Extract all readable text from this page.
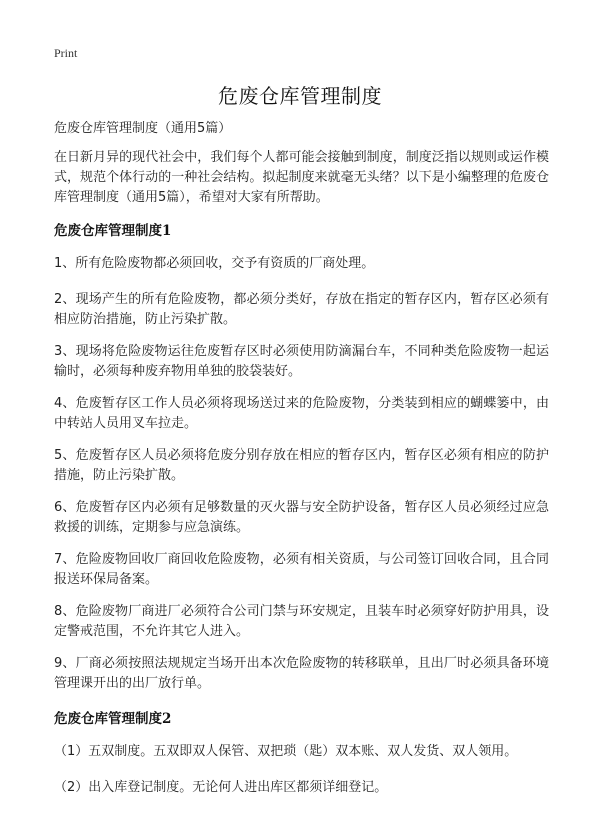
Print
危废仓库管理制度

危废仓库管理制度（通用5篇）

在日新月异的现代社会中，我们每个人都可能会接触到制度，制度泛指以规则或运作模式，规范个体行动的一种社会结构。拟起制度来就毫无头绪？以下是小编整理的危废仓库管理制度（通用5篇），希望对大家有所帮助。

危废仓库管理制度1

1、所有危险废物都必须回收，交予有资质的厂商处理。

2、现场产生的所有危险废物，都必须分类好，存放在指定的暂存区内，暂存区必须有相应防治措施，防止污染扩散。

3、现场将危险废物运往危废暂存区时必须使用防滴漏台车，不同种类危险废物一起运输时，必须每种废弃物用单独的胶袋装好。

4、危废暂存区工作人员必须将现场送过来的危险废物，分类装到相应的蝴蝶篓中，由中转站人员用叉车拉走。

5、危废暂存区人员必须将危废分别存放在相应的暂存区内，暂存区必须有相应的防护措施，防止污染扩散。

6、危废暂存区内必须有足够数量的灭火器与安全防护设备，暂存区人员必须经过应急救援的训练，定期参与应急演练。

7、危险废物回收厂商回收危险废物，必须有相关资质，与公司签订回收合同，且合同报送环保局备案。

8、危险废物厂商进厂必须符合公司门禁与环安规定，且装车时必须穿好防护用具，设定警戒范围，不允许其它人进入。

9、厂商必须按照法规规定当场开出本次危险废物的转移联单，且出厂时必须具备环境管理课开出的出厂放行单。

危废仓库管理制度2

（1）五双制度。五双即双人保管、双把琐（匙）双本账、双人发货、双人领用。

（2）出入库登记制度。无论何人进出库区都须详细登记。
